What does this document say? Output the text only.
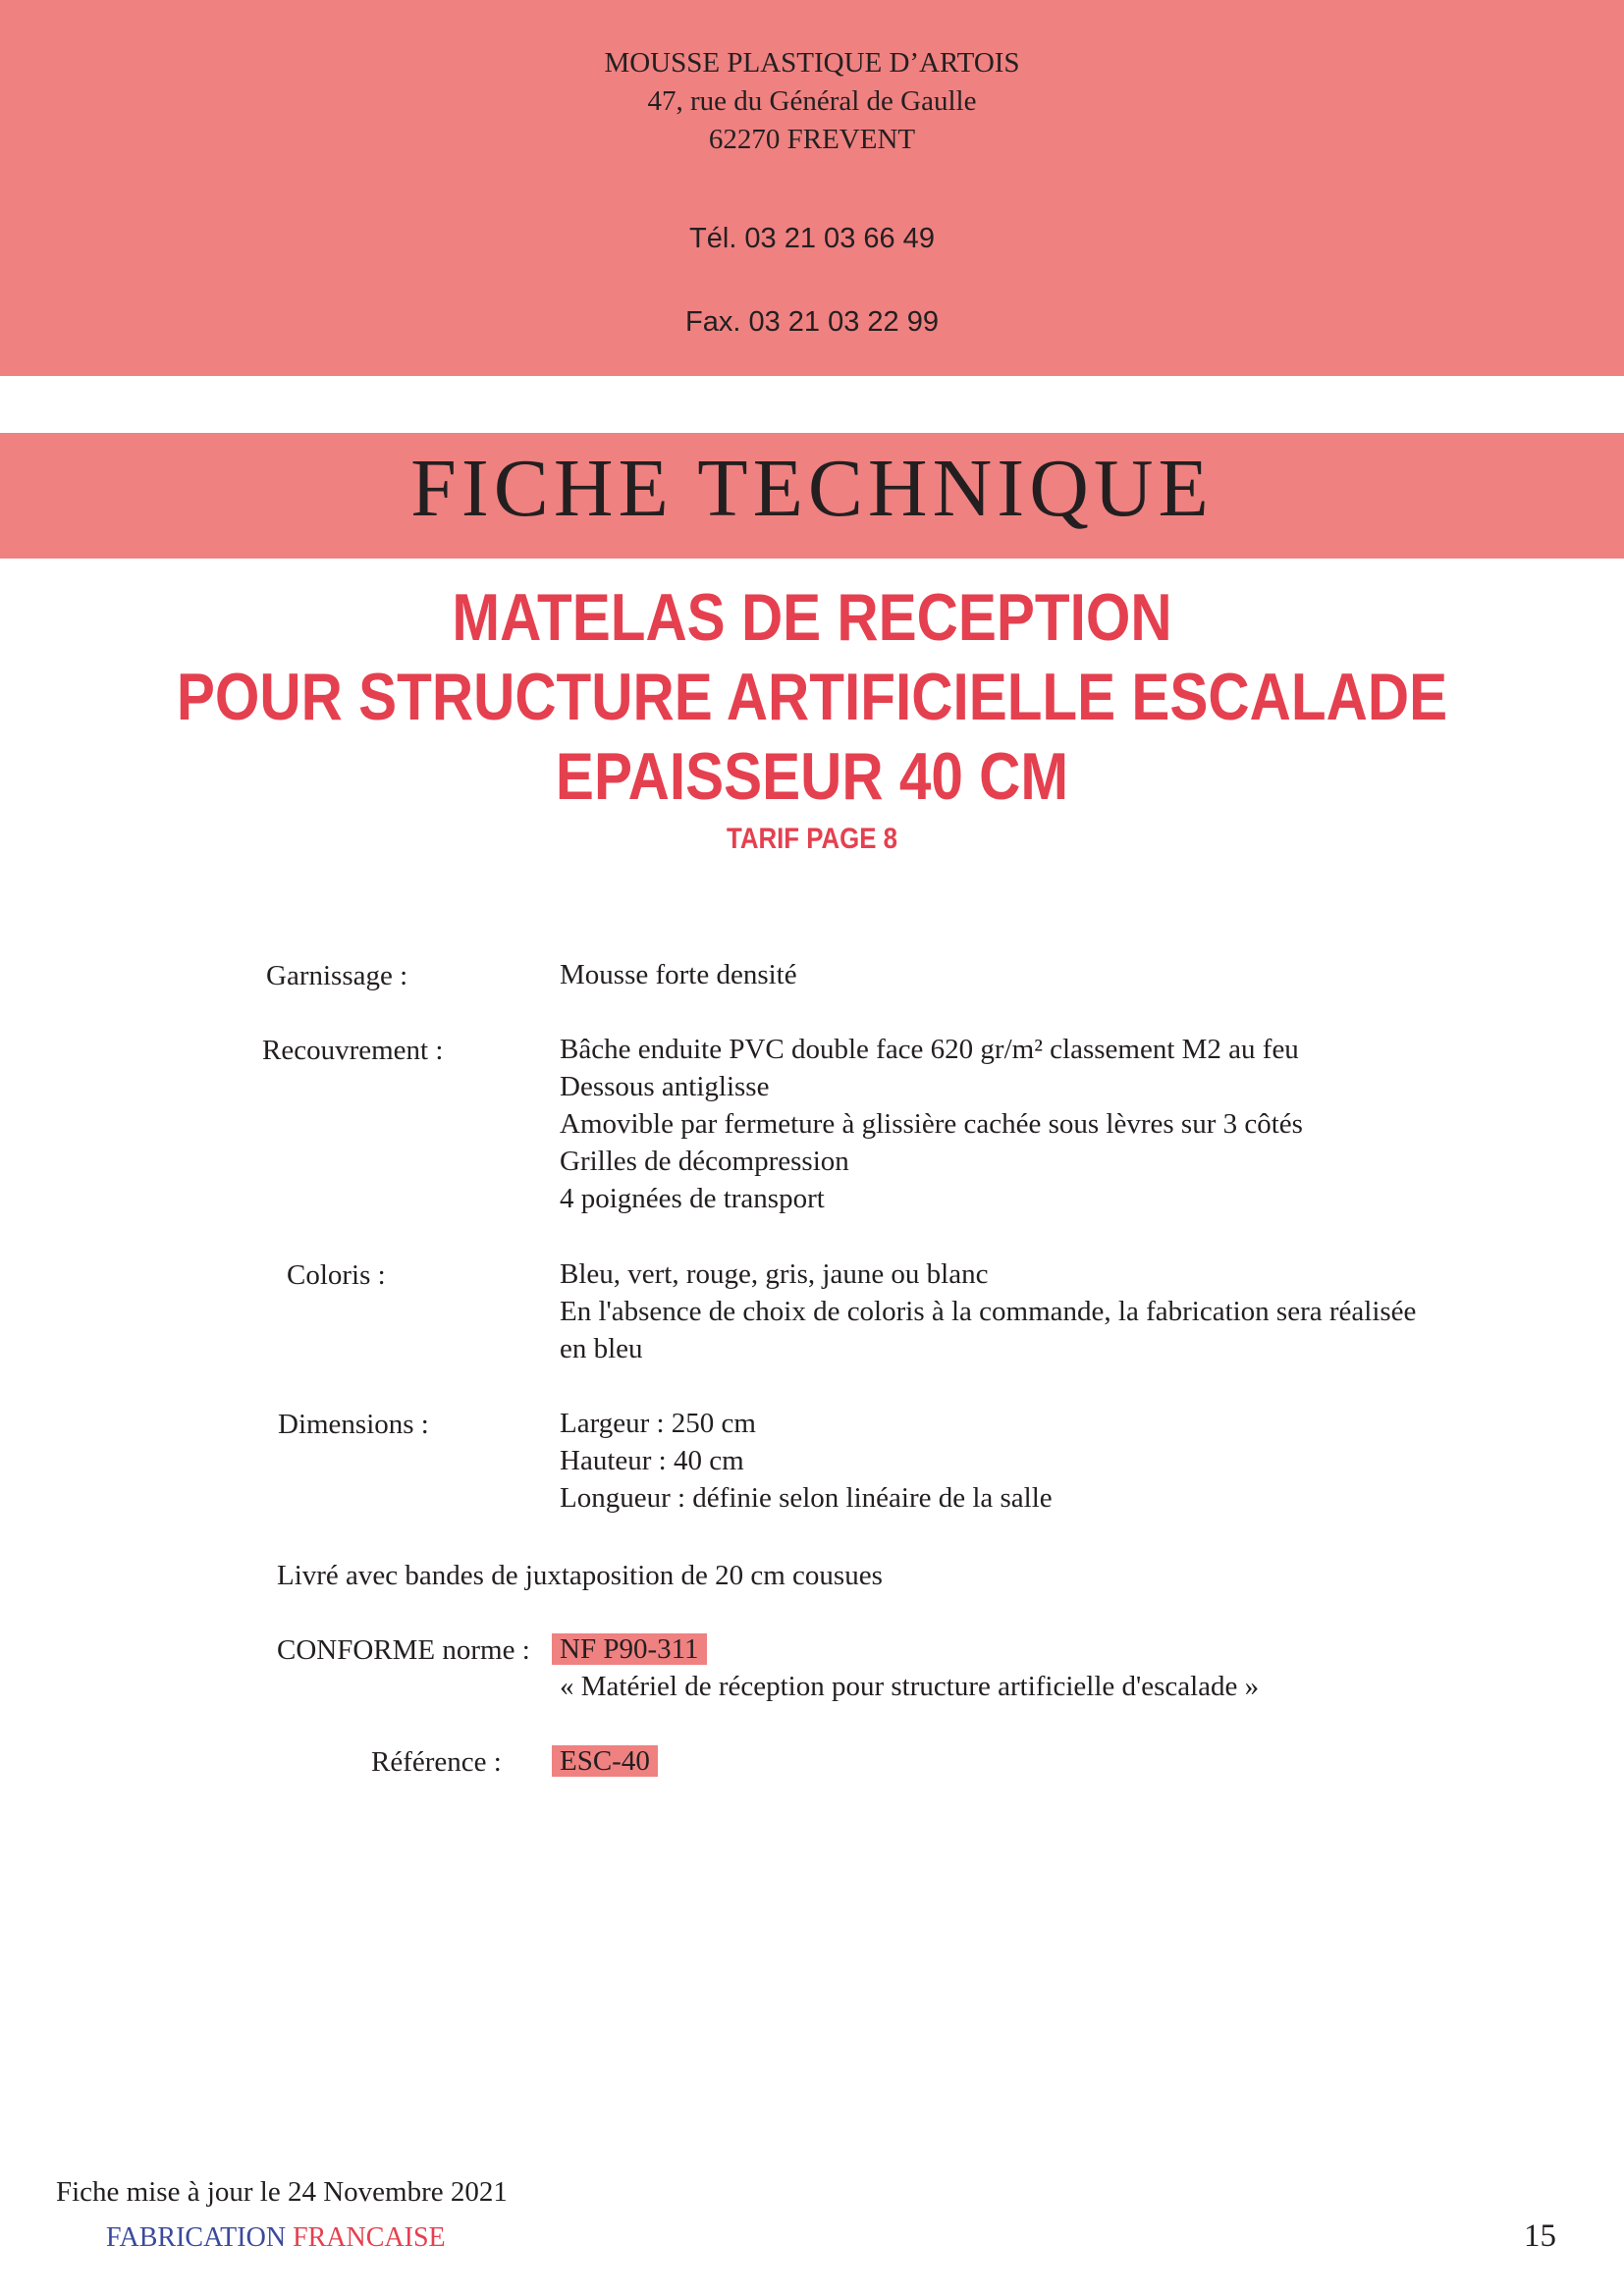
MOUSSE PLASTIQUE D’ARTOIS
47, rue du Général de Gaulle
62270 FREVENT
Tél. 03 21 03 66 49
Fax. 03 21 03 22 99
FICHE TECHNIQUE
MATELAS DE RECEPTION
POUR STRUCTURE ARTIFICIELLE ESCALADE
EPAISSEUR 40 CM
TARIF PAGE 8
Garnissage :	Mousse forte densité
Recouvrement :	Bâche enduite PVC double face 620 gr/m² classement M2 au feu
Dessous antiglisse
Amovible par fermeture à glissière cachée sous lèvres sur 3 côtés
Grilles de décompression
4 poignées de transport
Coloris :	Bleu, vert, rouge, gris, jaune ou blanc
En l'absence de choix de coloris à la commande, la fabrication sera réalisée
en bleu
Dimensions :	Largeur : 250 cm
Hauteur : 40 cm
Longueur : définie selon linéaire de la salle
Livré avec bandes de juxtaposition de 20 cm cousues
CONFORME norme : NF P90-311
« Matériel de réception pour structure artificielle d'escalade »
Référence : ESC-40
Fiche mise à jour le 24 Novembre 2021
FABRICATION FRANCAISE	15
